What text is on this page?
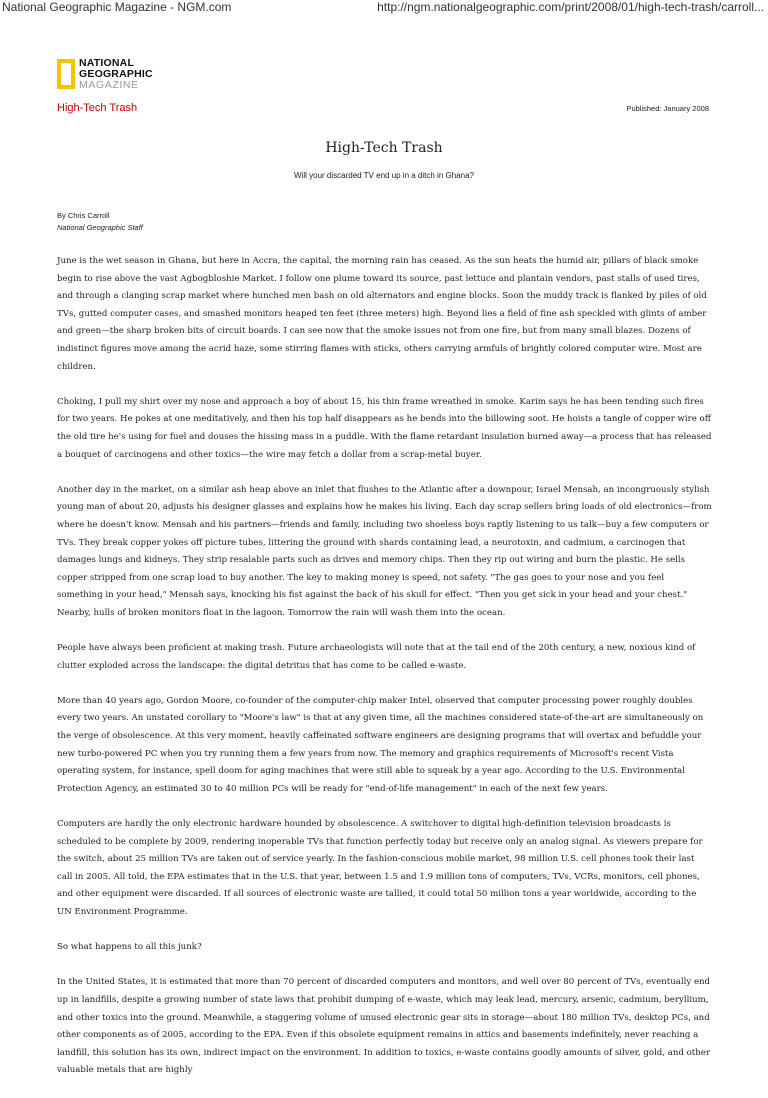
National Geographic Magazine - NGM.com	http://ngm.nationalgeographic.com/print/2008/01/high-tech-trash/carroll...
NATIONAL
GEOGRAPHIC
MAGAZINE
High-Tech Trash	Published: January 2008
High-Tech Trash
Will your discarded TV end up in a ditch in Ghana?
By Chris Carroll
National Geographic Staff

June is the wet season in Ghana, but here in Accra, the capital, the morning rain has ceased. As the sun heats the humid air, pillars of black smoke begin to rise above the vast Agbogbloshie Market. I follow one plume toward its source, past lettuce and plantain vendors, past stalls of used tires, and through a clanging scrap market where hunched men bash on old alternators and engine blocks. Soon the muddy track is flanked by piles of old TVs, gutted computer cases, and smashed monitors heaped ten feet (three meters) high. Beyond lies a field of fine ash speckled with glints of amber and green—the sharp broken bits of circuit boards. I can see now that the smoke issues not from one fire, but from many small blazes. Dozens of indistinct figures move among the acrid haze, some stirring flames with sticks, others carrying armfuls of brightly colored computer wire. Most are children.

Choking, I pull my shirt over my nose and approach a boy of about 15, his thin frame wreathed in smoke. Karim says he has been tending such fires for two years. He pokes at one meditatively, and then his top half disappears as he bends into the billowing soot. He hoists a tangle of copper wire off the old tire he's using for fuel and douses the hissing mass in a puddle. With the flame retardant insulation burned away—a process that has released a bouquet of carcinogens and other toxics—the wire may fetch a dollar from a scrap-metal buyer.

Another day in the market, on a similar ash heap above an inlet that flushes to the Atlantic after a downpour, Israel Mensah, an incongruously stylish young man of about 20, adjusts his designer glasses and explains how he makes his living. Each day scrap sellers bring loads of old electronics—from where he doesn't know. Mensah and his partners—friends and family, including two shoeless boys raptly listening to us talk—buy a few computers or TVs. They break copper yokes off picture tubes, littering the ground with shards containing lead, a neurotoxin, and cadmium, a carcinogen that damages lungs and kidneys. They strip resalable parts such as drives and memory chips. Then they rip out wiring and burn the plastic. He sells copper stripped from one scrap load to buy another. The key to making money is speed, not safety. "The gas goes to your nose and you feel something in your head," Mensah says, knocking his fist against the back of his skull for effect. "Then you get sick in your head and your chest." Nearby, hulls of broken monitors float in the lagoon. Tomorrow the rain will wash them into the ocean.

People have always been proficient at making trash. Future archaeologists will note that at the tail end of the 20th century, a new, noxious kind of clutter exploded across the landscape: the digital detritus that has come to be called e-waste.

More than 40 years ago, Gordon Moore, co-founder of the computer-chip maker Intel, observed that computer processing power roughly doubles every two years. An unstated corollary to "Moore's law" is that at any given time, all the machines considered state-of-the-art are simultaneously on the verge of obsolescence. At this very moment, heavily caffeinated software engineers are designing programs that will overtax and befuddle your new turbo-powered PC when you try running them a few years from now. The memory and graphics requirements of Microsoft's recent Vista operating system, for instance, spell doom for aging machines that were still able to squeak by a year ago. According to the U.S. Environmental Protection Agency, an estimated 30 to 40 million PCs will be ready for "end-of-life management" in each of the next few years.

Computers are hardly the only electronic hardware hounded by obsolescence. A switchover to digital high-definition television broadcasts is scheduled to be complete by 2009, rendering inoperable TVs that function perfectly today but receive only an analog signal. As viewers prepare for the switch, about 25 million TVs are taken out of service yearly. In the fashion-conscious mobile market, 98 million U.S. cell phones took their last call in 2005. All told, the EPA estimates that in the U.S. that year, between 1.5 and 1.9 million tons of computers, TVs, VCRs, monitors, cell phones, and other equipment were discarded. If all sources of electronic waste are tallied, it could total 50 million tons a year worldwide, according to the UN Environment Programme.

So what happens to all this junk?

In the United States, it is estimated that more than 70 percent of discarded computers and monitors, and well over 80 percent of TVs, eventually end up in landfills, despite a growing number of state laws that prohibit dumping of e-waste, which may leak lead, mercury, arsenic, cadmium, beryllium, and other toxics into the ground. Meanwhile, a staggering volume of unused electronic gear sits in storage—about 180 million TVs, desktop PCs, and other components as of 2005, according to the EPA. Even if this obsolete equipment remains in attics and basements indefinitely, never reaching a landfill, this solution has its own, indirect impact on the environment. In addition to toxics, e-waste contains goodly amounts of silver, gold, and other valuable metals that are highly
